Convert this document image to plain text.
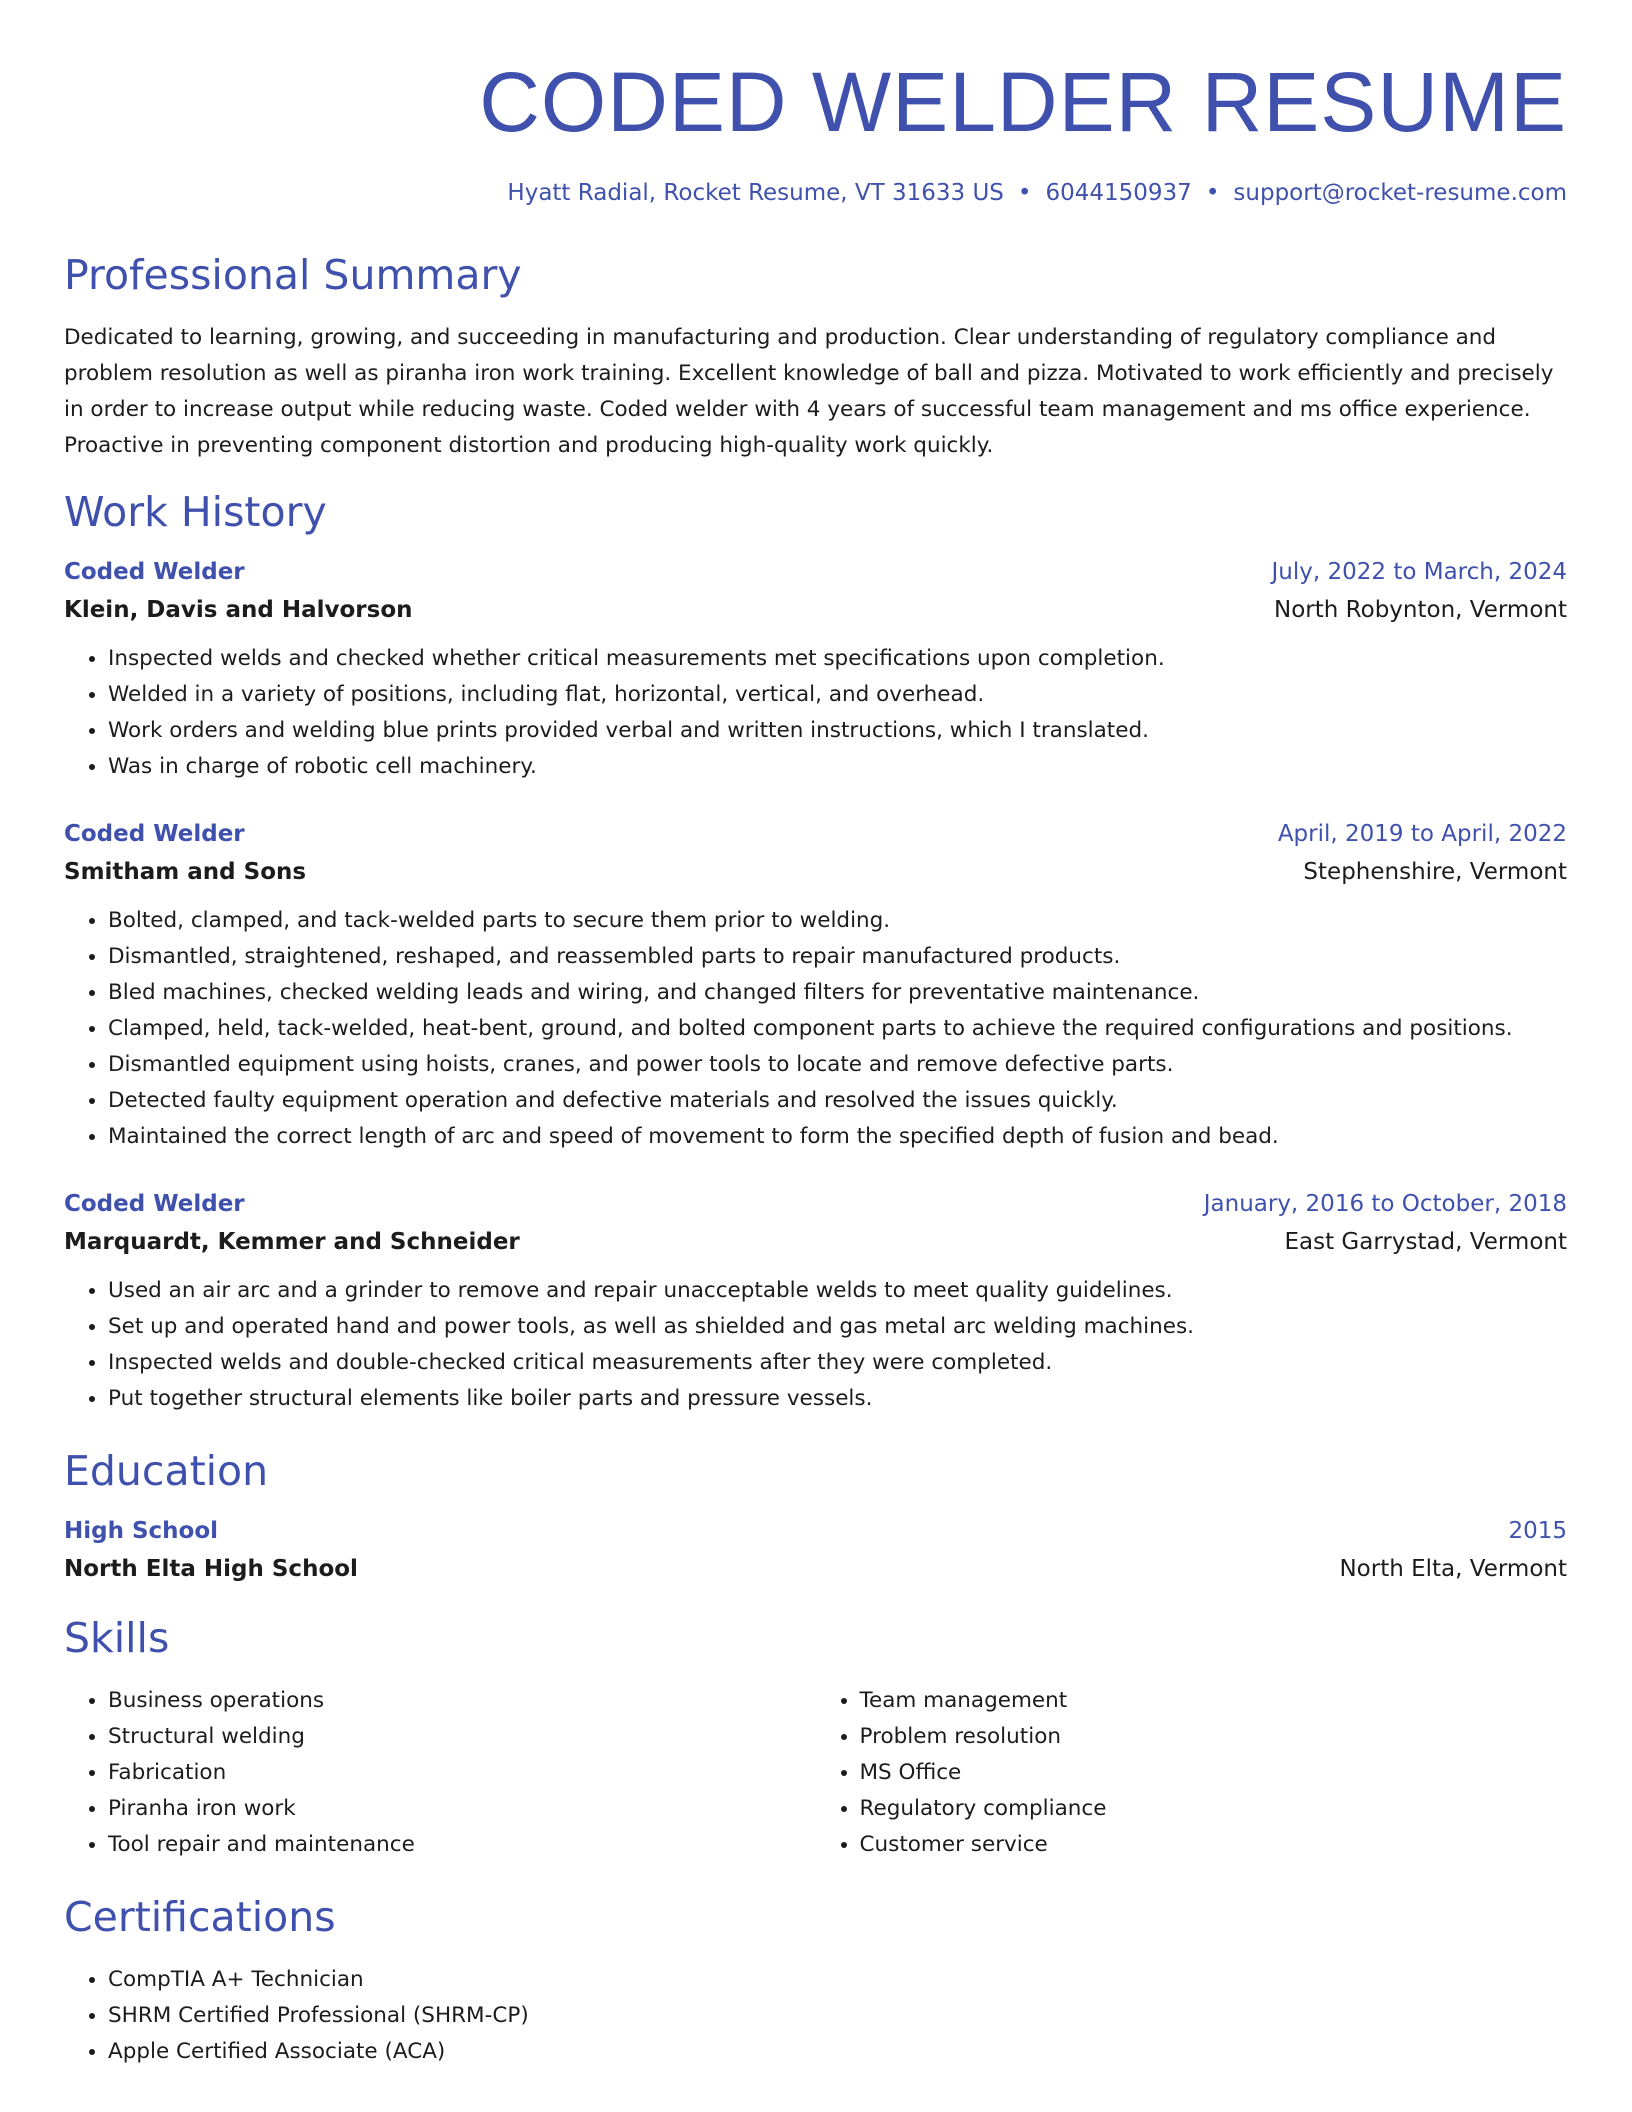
CODED WELDER RESUME
Hyatt Radial, Rocket Resume, VT 31633 US • 6044150937 • support@rocket-resume.com
Professional Summary
Dedicated to learning, growing, and succeeding in manufacturing and production. Clear understanding of regulatory compliance and problem resolution as well as piranha iron work training. Excellent knowledge of ball and pizza. Motivated to work efficiently and precisely in order to increase output while reducing waste. Coded welder with 4 years of successful team management and ms office experience. Proactive in preventing component distortion and producing high-quality work quickly.
Work History
Coded Welder	July, 2022 to March, 2024
Klein, Davis and Halvorson	North Robynton, Vermont
• Inspected welds and checked whether critical measurements met specifications upon completion.
• Welded in a variety of positions, including flat, horizontal, vertical, and overhead.
• Work orders and welding blue prints provided verbal and written instructions, which I translated.
• Was in charge of robotic cell machinery.
Coded Welder	April, 2019 to April, 2022
Smitham and Sons	Stephenshire, Vermont
• Bolted, clamped, and tack-welded parts to secure them prior to welding.
• Dismantled, straightened, reshaped, and reassembled parts to repair manufactured products.
• Bled machines, checked welding leads and wiring, and changed filters for preventative maintenance.
• Clamped, held, tack-welded, heat-bent, ground, and bolted component parts to achieve the required configurations and positions.
• Dismantled equipment using hoists, cranes, and power tools to locate and remove defective parts.
• Detected faulty equipment operation and defective materials and resolved the issues quickly.
• Maintained the correct length of arc and speed of movement to form the specified depth of fusion and bead.
Coded Welder	January, 2016 to October, 2018
Marquardt, Kemmer and Schneider	East Garrystad, Vermont
• Used an air arc and a grinder to remove and repair unacceptable welds to meet quality guidelines.
• Set up and operated hand and power tools, as well as shielded and gas metal arc welding machines.
• Inspected welds and double-checked critical measurements after they were completed.
• Put together structural elements like boiler parts and pressure vessels.
Education
High School	2015
North Elta High School	North Elta, Vermont
Skills
• Business operations
• Structural welding
• Fabrication
• Piranha iron work
• Tool repair and maintenance
• Team management
• Problem resolution
• MS Office
• Regulatory compliance
• Customer service
Certifications
• CompTIA A+ Technician
• SHRM Certified Professional (SHRM-CP)
• Apple Certified Associate (ACA)
